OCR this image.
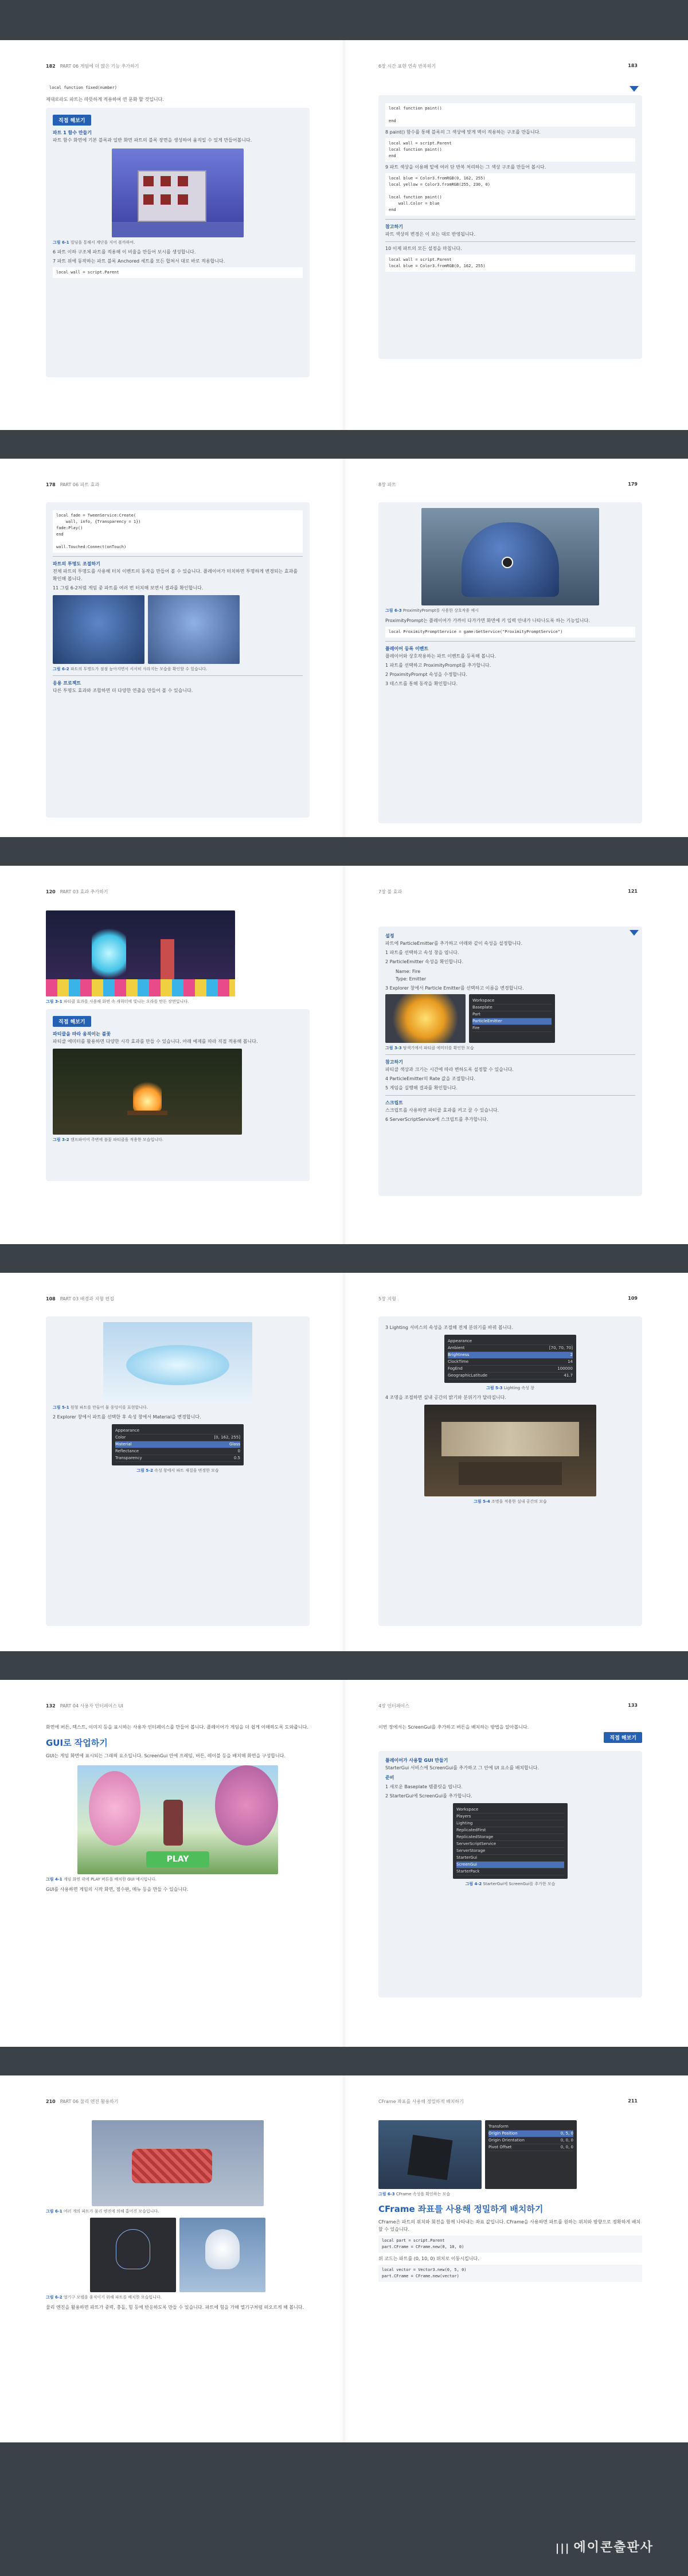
182 PART 06 게임에 더 많은 기능 추가하기
local function fixed(number)
제대로라도 파트는 따뜻하게 적용하여 연 문화 할 것입니다.
직접 해보기
파트 1 함수 만들기
파트 함수 화면에 기본 블록과 일반 화면 파트의 블록 장면을 생성하여 움직일 수 있게 만들어봅니다.
그림 6-1 빌딩을 통해서 계단을 지어 볼까하여.
6 파트 이하 구조체 파트를 적용해 이 비율을 만들어 보시를 생성합니다.
7 파트 위에 동작하는 파트 블록 Anchored 세트를 모든 합쳐서 대로 바로 적용합니다.
local wall = script.Parent
6장 시간 표현 연속 반복하기	183
local function paint()

end
8 paint() 함수를 통해 블록의 그 색상에 맞게 벽이 적용하는 구조를 만듭니다.
local wall = script.Parent
local function paint()
end
9 파트 색상을 이용해 밑에 여러 단 반복 처리하는 그 색상 구조를 만들어 봅시다.
local blue = Color3.fromRGB(0, 162, 255)
local yellow = Color3.fromRGB(255, 230, 0)

local function paint()
wall.Color = blue
end
참고하기
파트 색상의 변경은 이 보는 대로 반영됩니다.
10 이제 파트의 모든 설정을 마칩니다.
local wall = script.Parent
local blue = Color3.fromRGB(0, 162, 255)
178 PART 06 파트 효과
local fade = TweenService:Create(
wall, info, {Transparency = 1})
fade:Play()
end

wall.Touched:Connect(onTouch)
파트의 투명도 조절하기
전체 파트의 투명도를 사용해 터치 이벤트의 동작을 만들어 볼 수 있습니다. 플레이어가 터치하면 투명하게 변경되는 효과를 확인해 봅니다.
11 그림 6-2처럼 게임 중 파트를 여러 번 터치해 보면서 결과를 확인합니다.
그림 6-2 파트의 투명도가 점점 높아지면서 서서히 사라지는 모습을 확인할 수 있습니다.
응용 프로젝트
다른 투명도 효과와 조합하면 더 다양한 연출을 만들어 볼 수 있습니다.
8장 파트	179
그림 6-3 ProximityPrompt를 사용한 상호작용 예시
ProximityPrompt는 플레이어가 가까이 다가가면 화면에 키 입력 안내가 나타나도록 하는 기능입니다.
local ProximityPromptService = game:GetService("ProximityPromptService")
플레이어 등록 이벤트
플레이어와 상호작용하는 파트 이벤트를 등록해 봅니다.
1 파트를 선택하고 ProximityPrompt를 추가합니다.
2 ProximityPrompt 속성을 수정합니다.
3 테스트를 통해 동작을 확인합니다.
120 PART 03 효과 추가하기
그림 3-1 파티클 효과를 사용해 화면 속 캐릭터에 빛나는 오라를 만든 장면입니다.
직접 해보기
파티클을 따라 움직이는 불꽃
파티클 에미터를 활용하면 다양한 시각 효과를 만들 수 있습니다. 아래 예제를 따라 직접 적용해 봅니다.
그림 3-2 캠프파이어 주변에 불꽃 파티클을 적용한 모습입니다.
7장 불 효과	121
설정
파트에 ParticleEmitter를 추가하고 아래와 같이 속성을 설정합니다.
1 파트를 선택하고 속성 창을 엽니다.
2 ParticleEmitter 속성을 확인합니다.
Name: Fire
Type: Emitter
3 Explorer 창에서 Particle Emitter를 선택하고 이름을 변경합니다.
Workspace
Baseplate
Part
ParticleEmitter
Fire
그림 3-3 탐색기에서 파티클 에미터를 확인한 모습
참고하기
파티클 색상과 크기는 시간에 따라 변하도록 설정할 수 있습니다.
4 ParticleEmitter의 Rate 값을 조절합니다.
5 게임을 실행해 결과를 확인합니다.
스크립트
스크립트를 사용하면 파티클 효과를 켜고 끌 수 있습니다.
6 ServerScriptService에 스크립트를 추가합니다.
108 PART 03 배경과 지형 편집
그림 5-1 원형 파트를 만들어 물 웅덩이를 표현합니다.
2 Explorer 창에서 파트를 선택한 후 속성 창에서 Material을 변경합니다.
Appearance
Color	[0, 162, 255]
Material	Glass
Reflectance	0
Transparency	0.5
그림 5-2 속성 창에서 파트 재질을 변경한 모습
5장 지형	109
3 Lighting 서비스의 속성을 조절해 전체 분위기를 바꿔 봅니다.
Appearance
Ambient	[70, 70, 70]
Brightness	2
ClockTime	14
FogEnd	100000
GeographicLatitude	41.7
그림 5-3 Lighting 속성 창
4 조명을 조절하면 실내 공간의 밝기와 분위기가 달라집니다.
그림 5-4 조명을 적용한 실내 공간의 모습
132 PART 04 사용자 인터페이스 UI
화면에 버튼, 텍스트, 이미지 등을 표시하는 사용자 인터페이스를 만들어 봅니다. 플레이어가 게임을 더 쉽게 이해하도록 도와줍니다.
GUI로 작업하기
GUI는 게임 화면에 표시되는 그래픽 요소입니다. ScreenGui 안에 프레임, 버튼, 레이블 등을 배치해 화면을 구성합니다.
PLAY
그림 4-1 게임 화면 위에 PLAY 버튼을 배치한 GUI 예시입니다.
GUI를 사용하면 게임의 시작 화면, 점수판, 메뉴 등을 만들 수 있습니다.
4장 인터페이스	133
이번 장에서는 ScreenGui를 추가하고 버튼을 배치하는 방법을 알아봅니다.
직접 해보기
플레이어가 사용할 GUI 만들기
StarterGui 서비스에 ScreenGui를 추가하고 그 안에 UI 요소를 배치합니다.
준비
1 새로운 Baseplate 템플릿을 엽니다.
2 StarterGui에 ScreenGui를 추가합니다.
Workspace
Players
Lighting
ReplicatedFirst
ReplicatedStorage
ServerScriptService
ServerStorage
StarterGui
ScreenGui
StarterPack
그림 4-2 StarterGui에 ScreenGui를 추가한 모습
210 PART 06 물리 엔진 활용하기
그림 6-1 여러 개의 파트가 물리 엔진에 의해 흩어진 모습입니다.
그림 6-2 열기구 모델을 움직이기 위해 파트를 배치한 모습입니다.
물리 엔진을 활용하면 파트가 중력, 충돌, 힘 등에 반응하도록 만들 수 있습니다. 파트에 힘을 가해 열기구처럼 떠오르게 해 봅니다.
CFrame 좌표를 사용해 정밀하게 배치하기	211
Transform
Origin Position	0, 5, 0
Origin Orientation	0, 0, 0
Pivot Offset	0, 0, 0
그림 6-3 CFrame 속성을 확인하는 모습
CFrame 좌표를 사용해 정밀하게 배치하기
CFrame은 파트의 위치와 회전을 함께 나타내는 좌표 값입니다. CFrame을 사용하면 파트를 원하는 위치와 방향으로 정확하게 배치할 수 있습니다.
local part = script.Parent
part.CFrame = CFrame.new(0, 10, 0)
위 코드는 파트를 (0, 10, 0) 위치로 이동시킵니다.
local vector = Vector3.new(0, 5, 0)
part.CFrame = CFrame.new(vector)
||| 에이콘출판사
